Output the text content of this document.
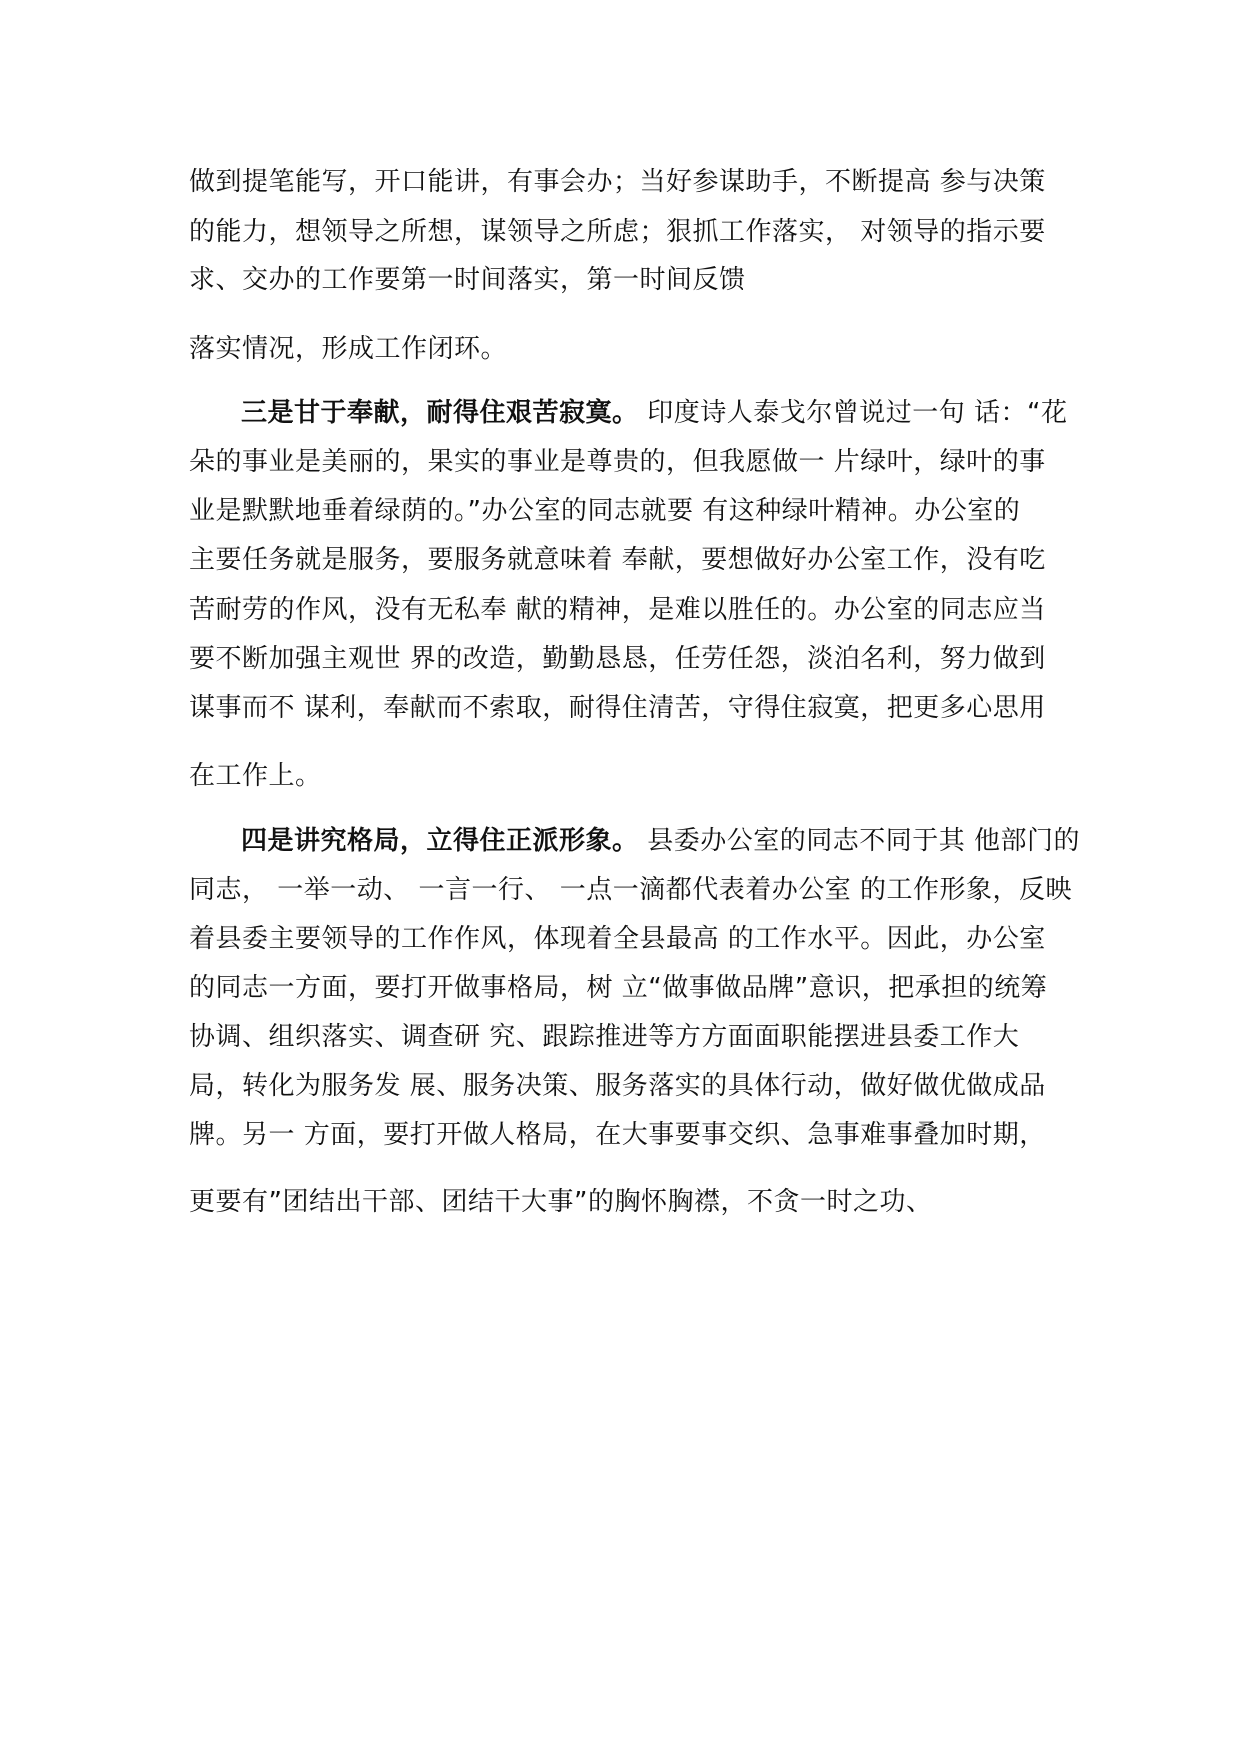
做到提笔能写，开口能讲，有事会办；当好参谋助手，不断提高 参与决策
的能力，想领导之所想，谋领导之所虑；狠抓工作落实， 对领导的指示要
求、交办的工作要第一时间落实，第一时间反馈
落实情况，形成工作闭环。
三是甘于奉献，耐得住艰苦寂寞。 印度诗人泰戈尔曾说过一句 话：“花
朵的事业是美丽的，果实的事业是尊贵的，但我愿做一 片绿叶，绿叶的事
业是默默地垂着绿荫的。”办公室的同志就要 有这种绿叶精神。办公室的
主要任务就是服务，要服务就意味着 奉献，要想做好办公室工作，没有吃
苦耐劳的作风，没有无私奉 献的精神，是难以胜任的。办公室的同志应当
要不断加强主观世 界的改造，勤勤恳恳，任劳任怨，淡泊名利，努力做到
谋事而不 谋利，奉献而不索取，耐得住清苦，守得住寂寞，把更多心思用
在工作上。
四是讲究格局，立得住正派形象。 县委办公室的同志不同于其 他部门的
同志， 一举一动、 一言一行、 一点一滴都代表着办公室 的工作形象，反映
着县委主要领导的工作作风，体现着全县最高 的工作水平。因此，办公室
的同志一方面，要打开做事格局，树 立“做事做品牌”意识，把承担的统筹
协调、组织落实、调查研 究、跟踪推进等方方面面职能摆进县委工作大
局，转化为服务发 展、服务决策、服务落实的具体行动，做好做优做成品
牌。另一 方面，要打开做人格局，在大事要事交织、急事难事叠加时期，
更要有”团结出干部、团结干大事”的胸怀胸襟，不贪一时之功、
